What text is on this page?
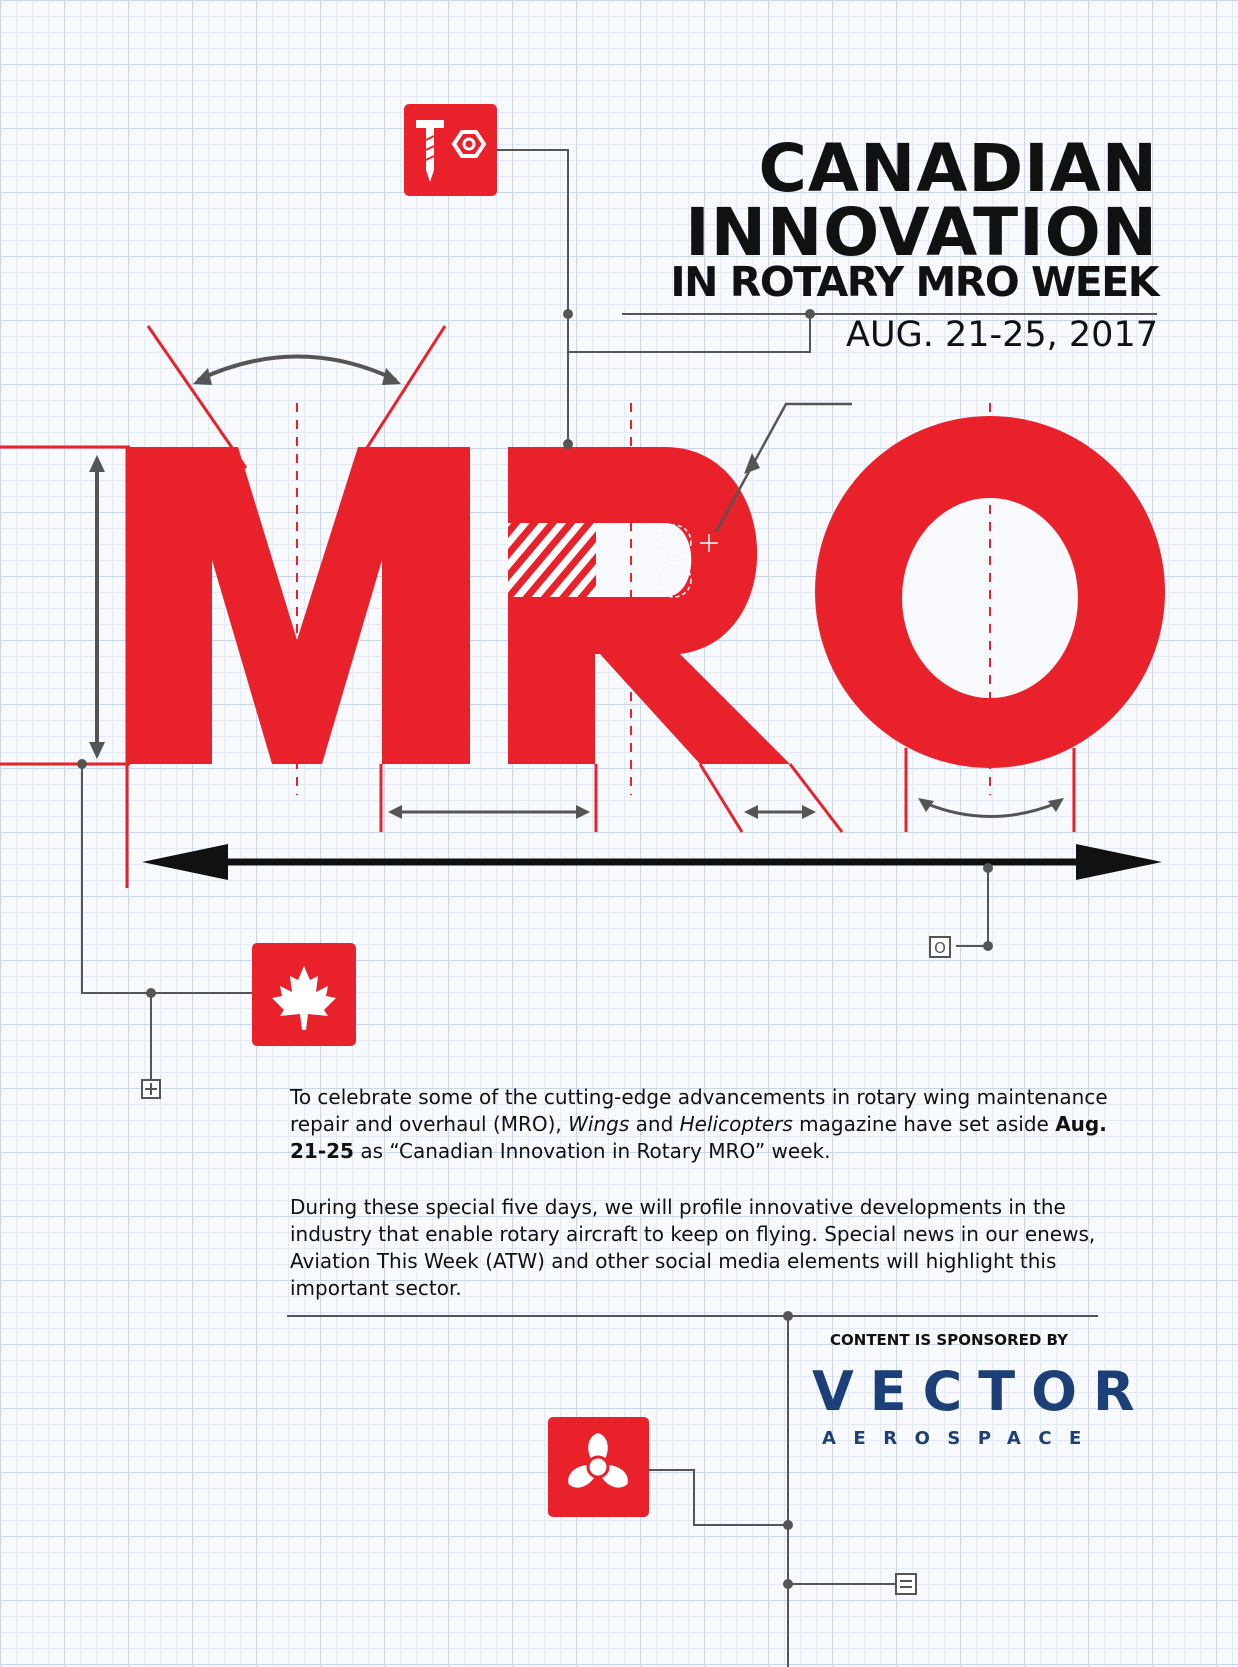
O
CANADIAN
INNOVATION
IN ROTARY MRO WEEK
AUG. 21-25, 2017
To celebrate some of the cutting-edge advancements in rotary wing maintenance repair and overhaul (MRO), Wings and Helicopters magazine have set aside Aug. 21-25 as “Canadian Innovation in Rotary MRO” week.
During these special five days, we will profile innovative developments in the industry that enable rotary aircraft to keep on flying. Special news in our enews, Aviation This Week (ATW) and other social media elements will highlight this important sector.
CONTENT IS SPONSORED BY
VECTOR
AEROSPACE
